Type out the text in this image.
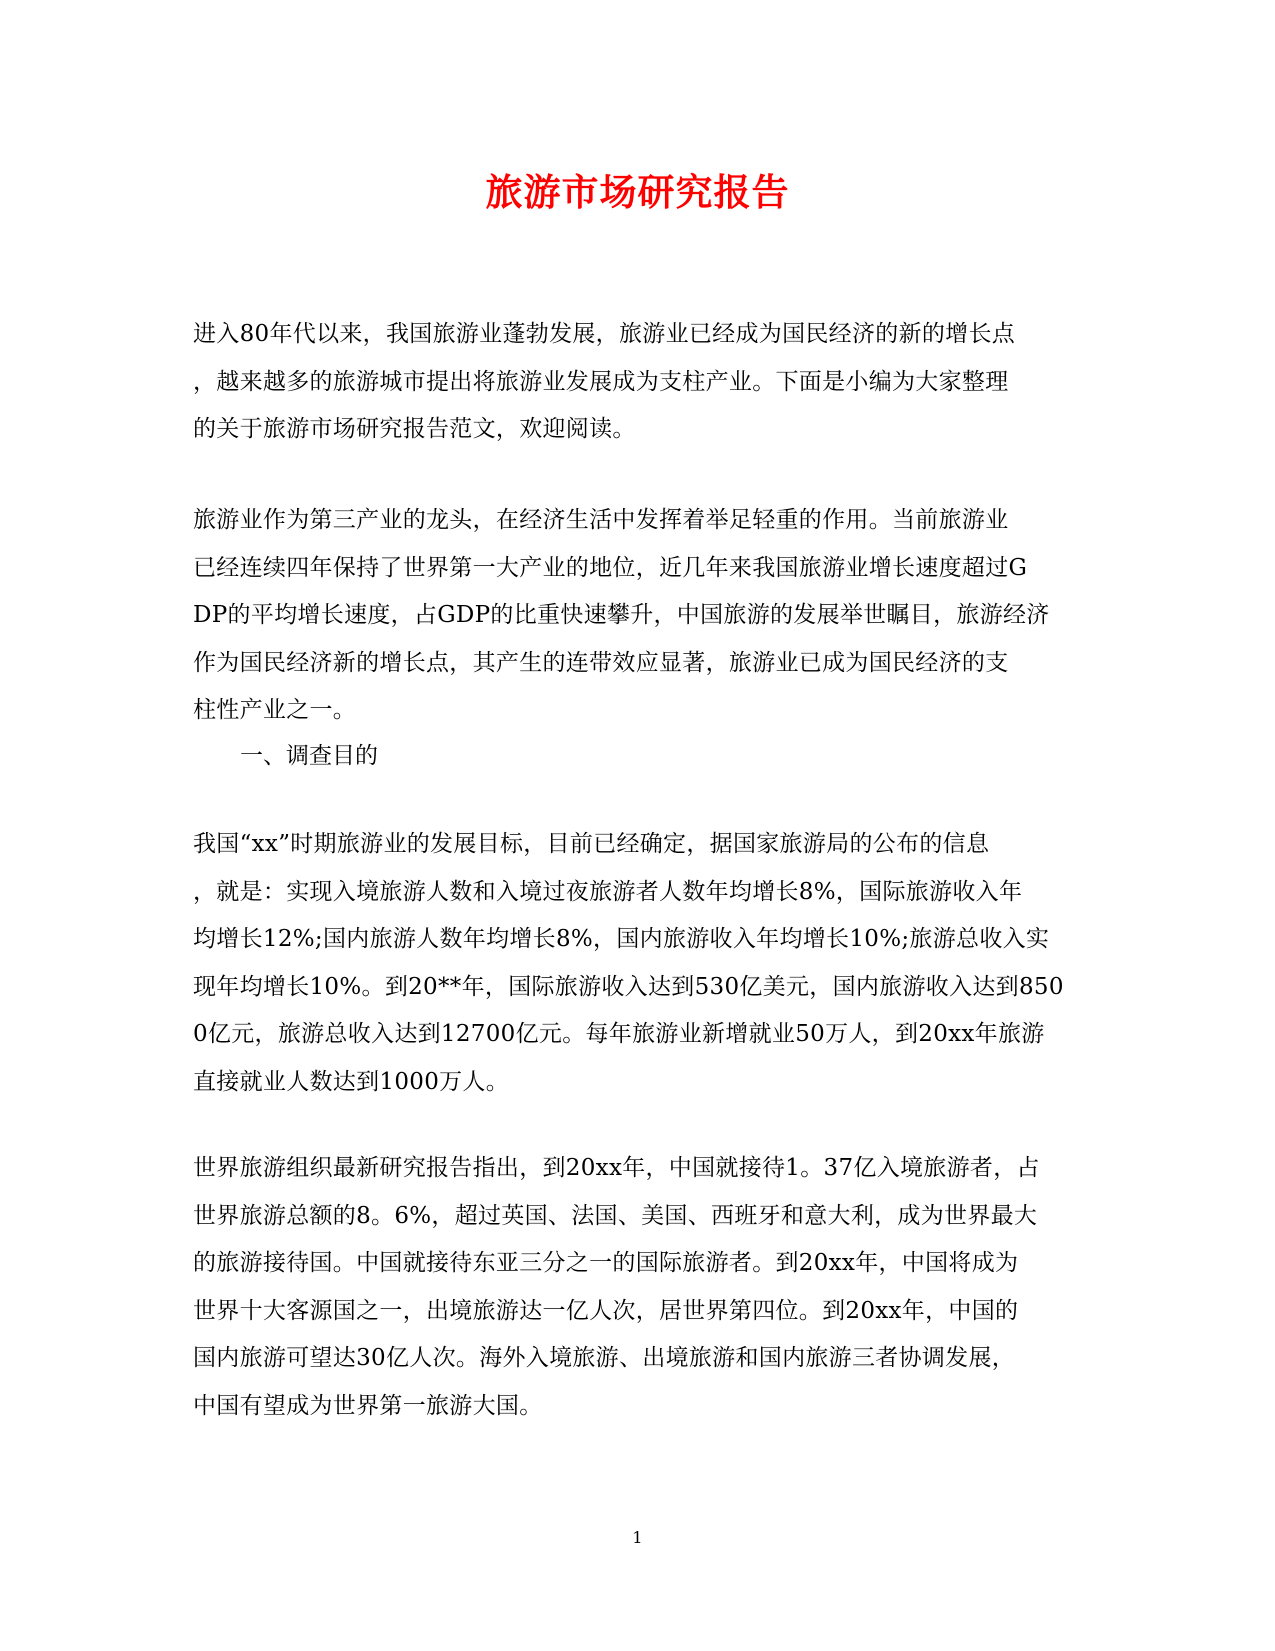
旅游市场研究报告
进入80年代以来，我国旅游业蓬勃发展，旅游业已经成为国民经济的新的增长点
，越来越多的旅游城市提出将旅游业发展成为支柱产业。下面是小编为大家整理
的关于旅游市场研究报告范文，欢迎阅读。
旅游业作为第三产业的龙头，在经济生活中发挥着举足轻重的作用。当前旅游业
已经连续四年保持了世界第一大产业的地位，近几年来我国旅游业增长速度超过G
DP的平均增长速度，占GDP的比重快速攀升，中国旅游的发展举世瞩目，旅游经济
作为国民经济新的增长点，其产生的连带效应显著，旅游业已成为国民经济的支
柱性产业之一。
一、调查目的
我国“xx”时期旅游业的发展目标，目前已经确定，据国家旅游局的公布的信息
，就是：实现入境旅游人数和入境过夜旅游者人数年均增长8%，国际旅游收入年
均增长12%;国内旅游人数年均增长8%，国内旅游收入年均增长10%;旅游总收入实
现年均增长10%。到20**年，国际旅游收入达到530亿美元，国内旅游收入达到850
0亿元，旅游总收入达到12700亿元。每年旅游业新增就业50万人，到20xx年旅游
直接就业人数达到1000万人。
世界旅游组织最新研究报告指出，到20xx年，中国就接待1。37亿入境旅游者，占
世界旅游总额的8。6%，超过英国、法国、美国、西班牙和意大利，成为世界最大
的旅游接待国。中国就接待东亚三分之一的国际旅游者。到20xx年，中国将成为
世界十大客源国之一，出境旅游达一亿人次，居世界第四位。到20xx年，中国的
国内旅游可望达30亿人次。海外入境旅游、出境旅游和国内旅游三者协调发展，
中国有望成为世界第一旅游大国。
1
